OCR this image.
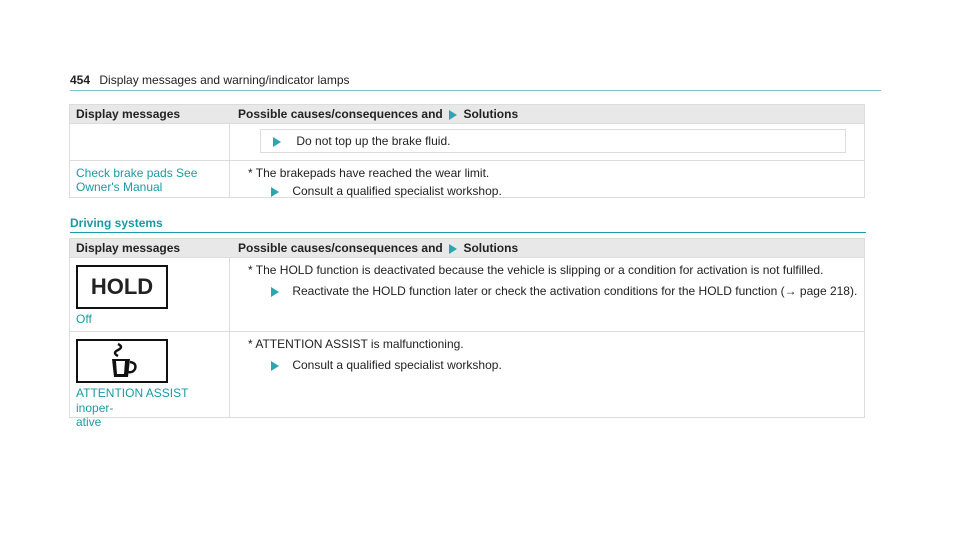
454 Display messages and warning/indicator lamps
Display messages	Possible causes/consequences and Solutions
Do not top up the brake fluid.
Check brake pads See
Owner's Manual
* The brakepads have reached the wear limit.
Consult a qualified specialist workshop.
Driving systems
Display messages	Possible causes/consequences and Solutions
HOLD
Off
* The HOLD function is deactivated because the vehicle is slipping or a condition for activation is not fulfilled.
Reactivate the HOLD function later or check the activation conditions for the HOLD function (→ page 218).
ATTENTION ASSIST inoper-
ative
* ATTENTION ASSIST is malfunctioning.
Consult a qualified specialist workshop.
